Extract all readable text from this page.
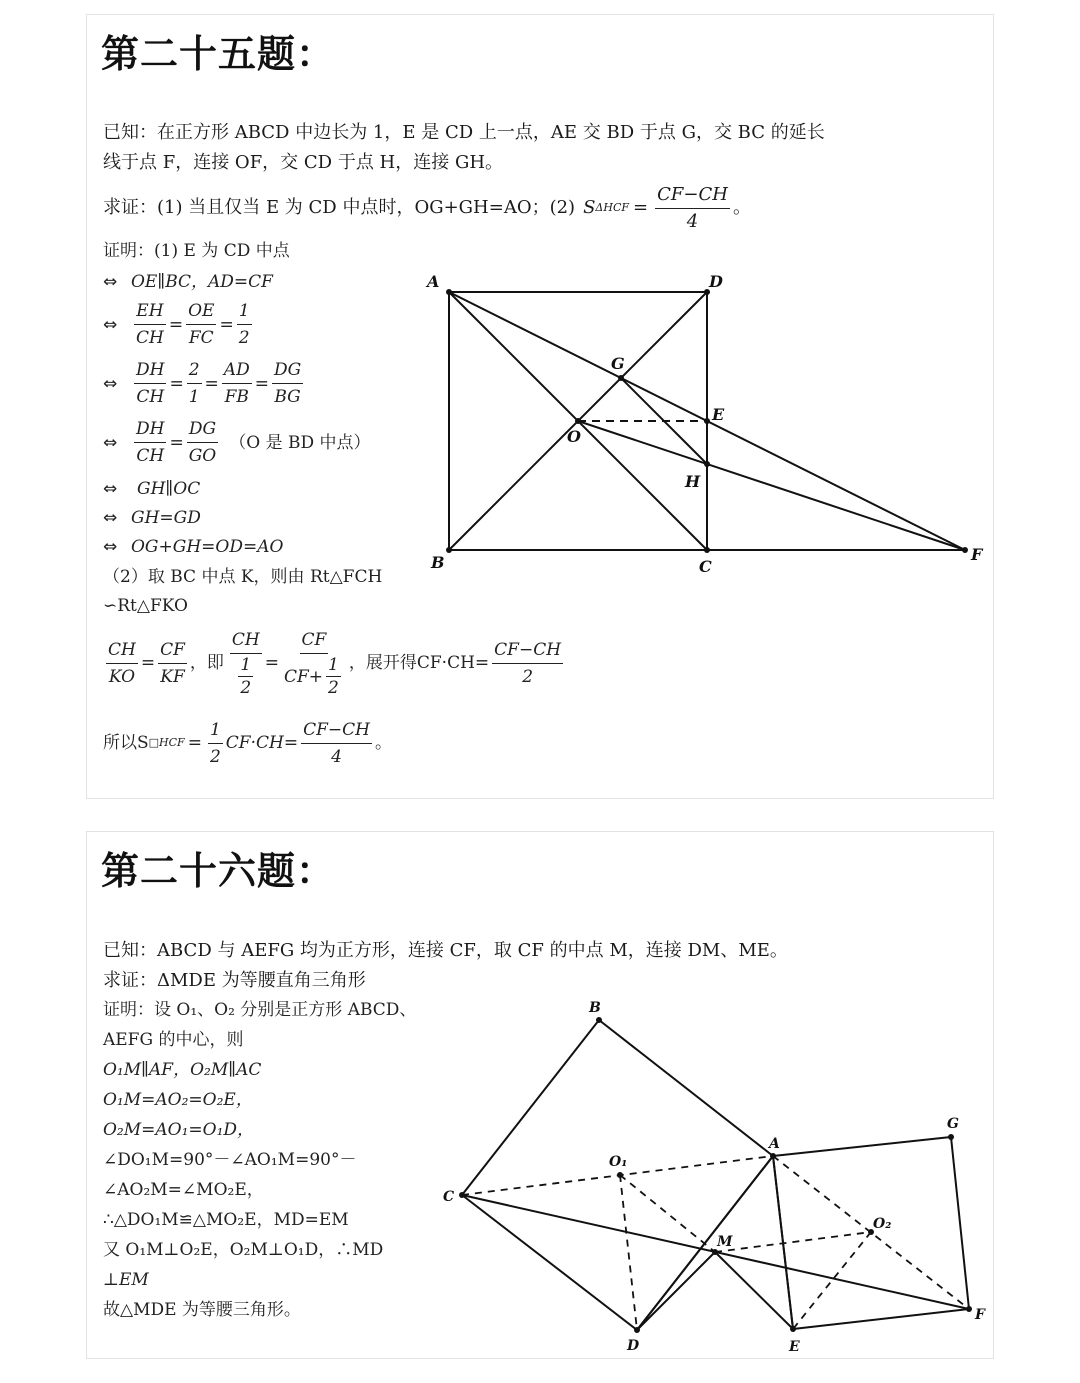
第二十五题：
已知：在正方形 ABCD 中边长为 1，E 是 CD 上一点，AE 交 BD 于点 G，交 BC 的延长
线于点 F，连接 OF，交 CD 于点 H，连接 GH。
求证：(1) 当且仅当 E 为 CD 中点时，OG+GH=AO；(2) S $\Delta HCF = \frac{CF-CH}{4}$ 。
证明：(1) E 为 CD 中点
⇔ OE∥BC，AD=CF
⇔ $\frac{EH}{CH} = \frac{OE}{FC} = \frac{1}{2}$
⇔ $\frac{DH}{CH} = \frac{2}{1} = \frac{AD}{FB} = \frac{DG}{BG}$
⇔ $\frac{DH}{CH} = \frac{DG}{GO} (O$ 是 BD 中点）
⇔ GH∥OC
⇔ GH=GD
⇔ OG+GH=OD=AO
（2）取 BC 中点 K，则由 Rt△FCH
∽Rt△FKO
$\frac{CH}{KO} = \frac{CF}{KF}$ ，即 $\frac{CH}{\frac{1}{2}} = \frac{CF}{CF+ \frac{1}{2}}$ ，展开得$CF\cdot CH= \frac{CF-CH}{2}$
所以S □HCF = $\frac{1}{2} CF\cdot CH= \frac{CF-CH}{4}$ 。
A	D
B	C
F
G
E
H
O
第二十六题：
已知：ABCD 与 AEFG 均为正方形，连接 CF，取 CF 的中点 M，连接 DM、ME。
求证：ΔMDE 为等腰直角三角形
证明：设 O₁、O₂ 分别是正方形 ABCD、
AEFG 的中心，则
O₁M∥AF，O₂M∥AC
O₁M=AO₂=O₂E，
O₂M=AO₁=O₁D，
∠DO₁M=90°－∠AO₁M=90°－
∠AO₂M=∠MO₂E，
∴△DO₁M≌△MO₂E，MD=EM
又 O₁M⊥O₂E，O₂M⊥O₁D，∴MD
⊥EM
故△MDE 为等腰三角形。
B
A
G
C
F
D	E
M
O₁
O₂
